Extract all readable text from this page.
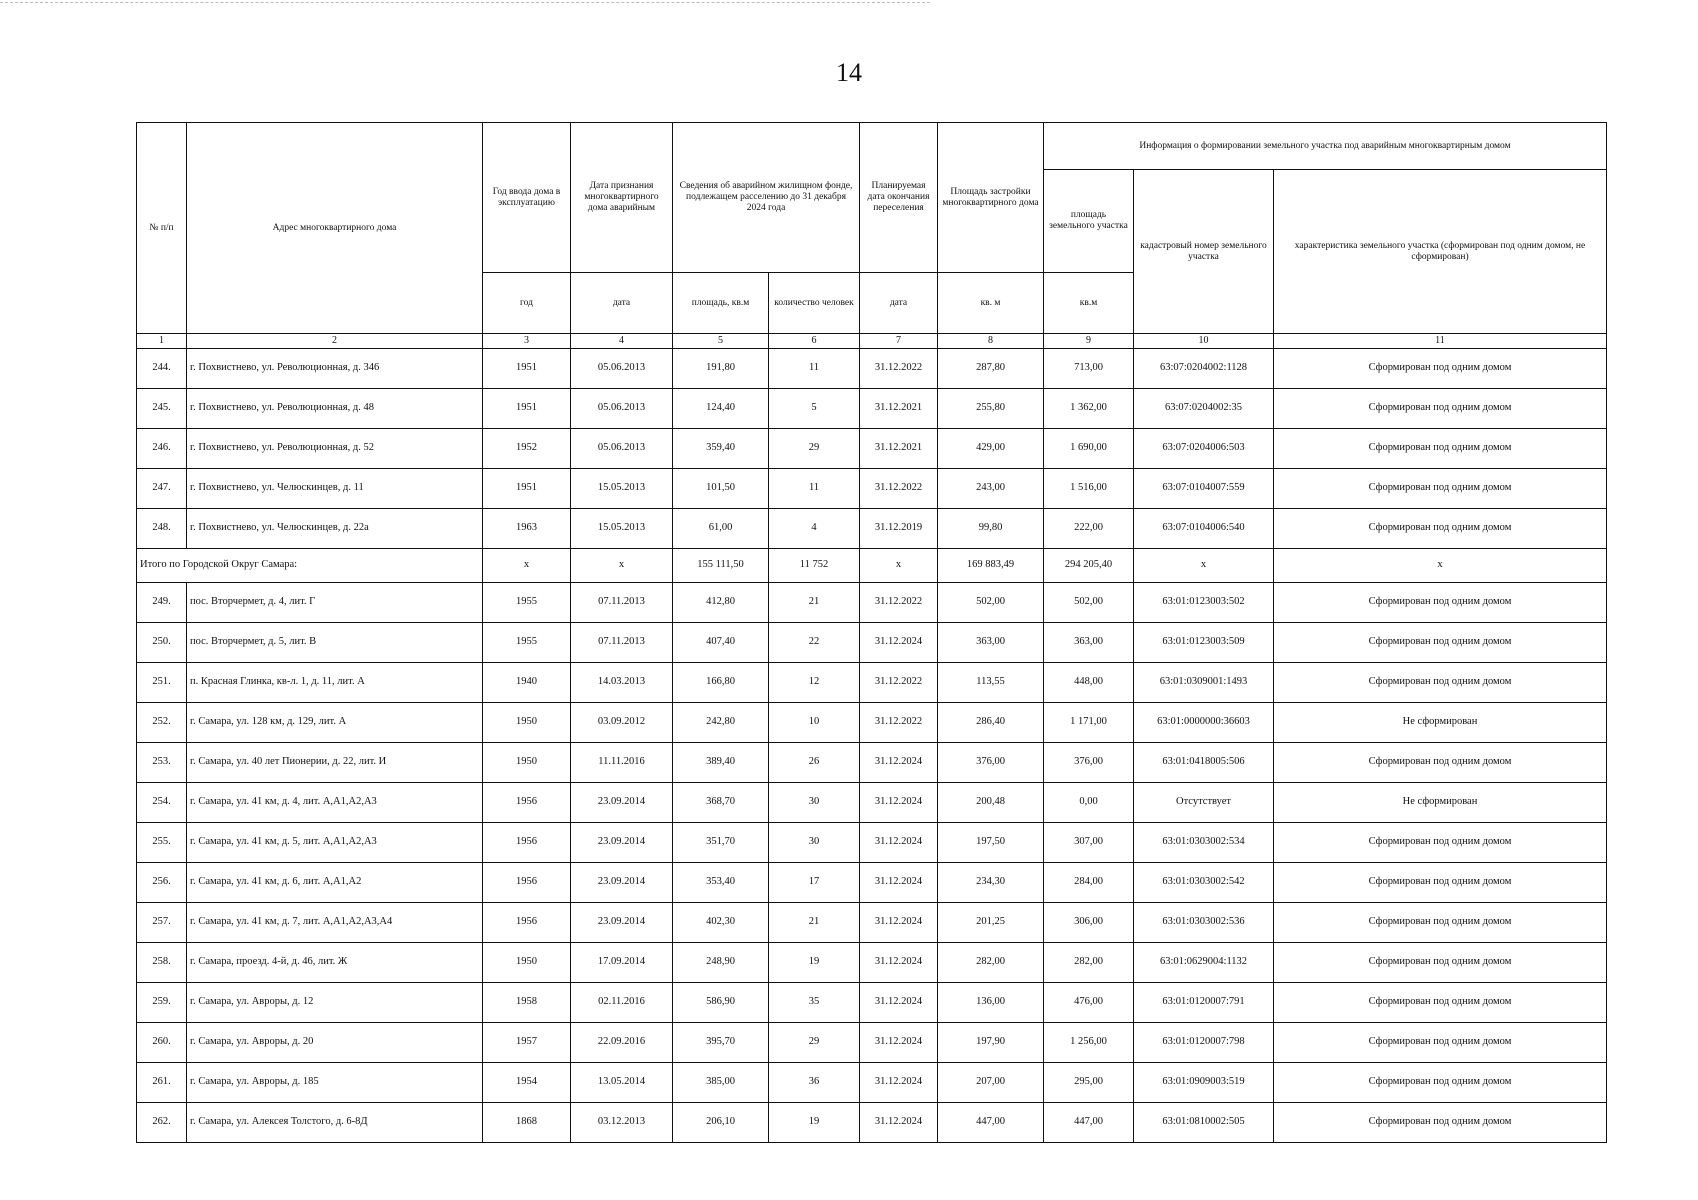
14
№ п/п	Адрес многоквартирного дома	Год ввода дома в эксплуатацию	Дата признания многоквартирного дома аварийным	Сведения об аварийном жилищном фонде, подлежащем расселению до 31 декабря 2024 года		Планируемая дата окончания переселения	Площадь застройки многоквартирного дома	Информация о формировании земельного участка под аварийным многоквартирным домом		
								площадь земельного участка	кадастровый номер земельного участка	характеристика земельного участка (сформирован под одним домом, не сформирован)
		год	дата	площадь, кв.м	количество человек	дата	кв. м	кв.м		
1	2	3	4	5	6	7	8	9	10	11
244.	г. Похвистнево, ул. Революционная, д. 346	1951	05.06.2013	191,80	11	31.12.2022	287,80	713,00	63:07:0204002:1128	Сформирован под одним домом
245.	г. Похвистнево, ул. Революционная, д. 48	1951	05.06.2013	124,40	5	31.12.2021	255,80	1 362,00	63:07:0204002:35	Сформирован под одним домом
246.	г. Похвистнево, ул. Революционная, д. 52	1952	05.06.2013	359,40	29	31.12.2021	429,00	1 690,00	63:07:0204006:503	Сформирован под одним домом
247.	г. Похвистнево, ул. Челюскинцев, д. 11	1951	15.05.2013	101,50	11	31.12.2022	243,00	1 516,00	63:07:0104007:559	Сформирован под одним домом
248.	г. Похвистнево, ул. Челюскинцев, д. 22а	1963	15.05.2013	61,00	4	31.12.2019	99,80	222,00	63:07:0104006:540	Сформирован под одним домом
Итого по Городской Округ Самара:		х	х	155 111,50	11 752	х	169 883,49	294 205,40	х	х
249.	пос. Вторчермет, д. 4, лит. Г	1955	07.11.2013	412,80	21	31.12.2022	502,00	502,00	63:01:0123003:502	Сформирован под одним домом
250.	пос. Вторчермет, д. 5, лит. В	1955	07.11.2013	407,40	22	31.12.2024	363,00	363,00	63:01:0123003:509	Сформирован под одним домом
251.	п. Красная Глинка, кв-л. 1, д. 11, лит. А	1940	14.03.2013	166,80	12	31.12.2022	113,55	448,00	63:01:0309001:1493	Сформирован под одним домом
252.	г. Самара, ул. 128 км, д. 129, лит. А	1950	03.09.2012	242,80	10	31.12.2022	286,40	1 171,00	63:01:0000000:36603	Не сформирован
253.	г. Самара, ул. 40 лет Пионерии, д. 22, лит. И	1950	11.11.2016	389,40	26	31.12.2024	376,00	376,00	63:01:0418005:506	Сформирован под одним домом
254.	г. Самара, ул. 41 км, д. 4, лит. А,А1,А2,А3	1956	23.09.2014	368,70	30	31.12.2024	200,48	0,00	Отсутствует	Не сформирован
255.	г. Самара, ул. 41 км, д. 5, лит. А,А1,А2,А3	1956	23.09.2014	351,70	30	31.12.2024	197,50	307,00	63:01:0303002:534	Сформирован под одним домом
256.	г. Самара, ул. 41 км, д. 6, лит. А,А1,А2	1956	23.09.2014	353,40	17	31.12.2024	234,30	284,00	63:01:0303002:542	Сформирован под одним домом
257.	г. Самара, ул. 41 км, д. 7, лит. А,А1,А2,А3,А4	1956	23.09.2014	402,30	21	31.12.2024	201,25	306,00	63:01:0303002:536	Сформирован под одним домом
258.	г. Самара, проезд. 4-й, д. 46, лит. Ж	1950	17.09.2014	248,90	19	31.12.2024	282,00	282,00	63:01:0629004:1132	Сформирован под одним домом
259.	г. Самара, ул. Авроры, д. 12	1958	02.11.2016	586,90	35	31.12.2024	136,00	476,00	63:01:0120007:791	Сформирован под одним домом
260.	г. Самара, ул. Авроры, д. 20	1957	22.09.2016	395,70	29	31.12.2024	197,90	1 256,00	63:01:0120007:798	Сформирован под одним домом
261.	г. Самара, ул. Авроры, д. 185	1954	13.05.2014	385,00	36	31.12.2024	207,00	295,00	63:01:0909003:519	Сформирован под одним домом
262.	г. Самара, ул. Алексея Толстого, д. 6-8Д	1868	03.12.2013	206,10	19	31.12.2024	447,00	447,00	63:01:0810002:505	Сформирован под одним домом
